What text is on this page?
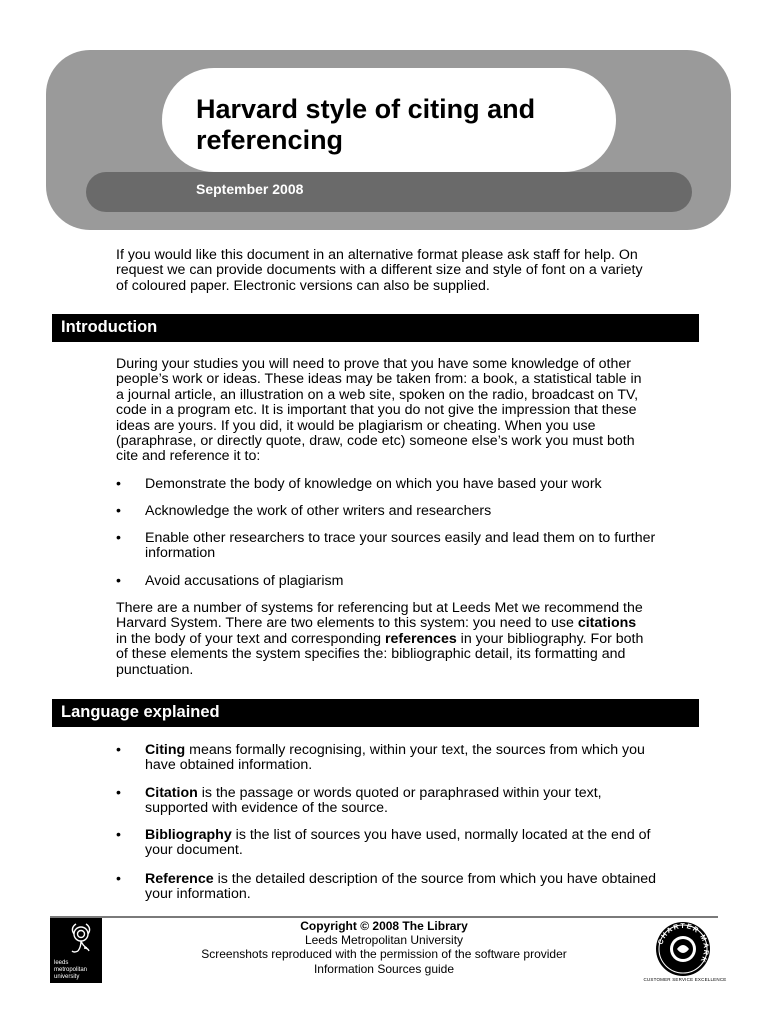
Harvard style of citing and referencing
September 2008

If you would like this document in an alternative format please ask staff for help. On request we can provide documents with a different size and style of font on a variety of coloured paper. Electronic versions can also be supplied.

Introduction

During your studies you will need to prove that you have some knowledge of other people’s work or ideas. These ideas may be taken from: a book, a statistical table in a journal article, an illustration on a web site, spoken on the radio, broadcast on TV, code in a program etc. It is important that you do not give the impression that these ideas are yours. If you did, it would be plagiarism or cheating. When you use (paraphrase, or directly quote, draw, code etc) someone else’s work you must both cite and reference it to:

• Demonstrate the body of knowledge on which you have based your work
• Acknowledge the work of other writers and researchers
• Enable other researchers to trace your sources easily and lead them on to further information
• Avoid accusations of plagiarism

There are a number of systems for referencing but at Leeds Met we recommend the Harvard System. There are two elements to this system: you need to use citations in the body of your text and corresponding references in your bibliography. For both of these elements the system specifies the: bibliographic detail, its formatting and punctuation.

Language explained
• Citing means formally recognising, within your text, the sources from which you have obtained information.
• Citation is the passage or words quoted or paraphrased within your text, supported with evidence of the source.
• Bibliography is the list of sources you have used, normally located at the end of your document.
• Reference is the detailed description of the source from which you have obtained your information.
leeds
metropolitan
university
Copyright © 2008 The Library
Leeds Metropolitan University
Screenshots reproduced with the permission of the software provider
Information Sources guide
CHARTER MARK
CUSTOMER SERVICE EXCELLENCE
